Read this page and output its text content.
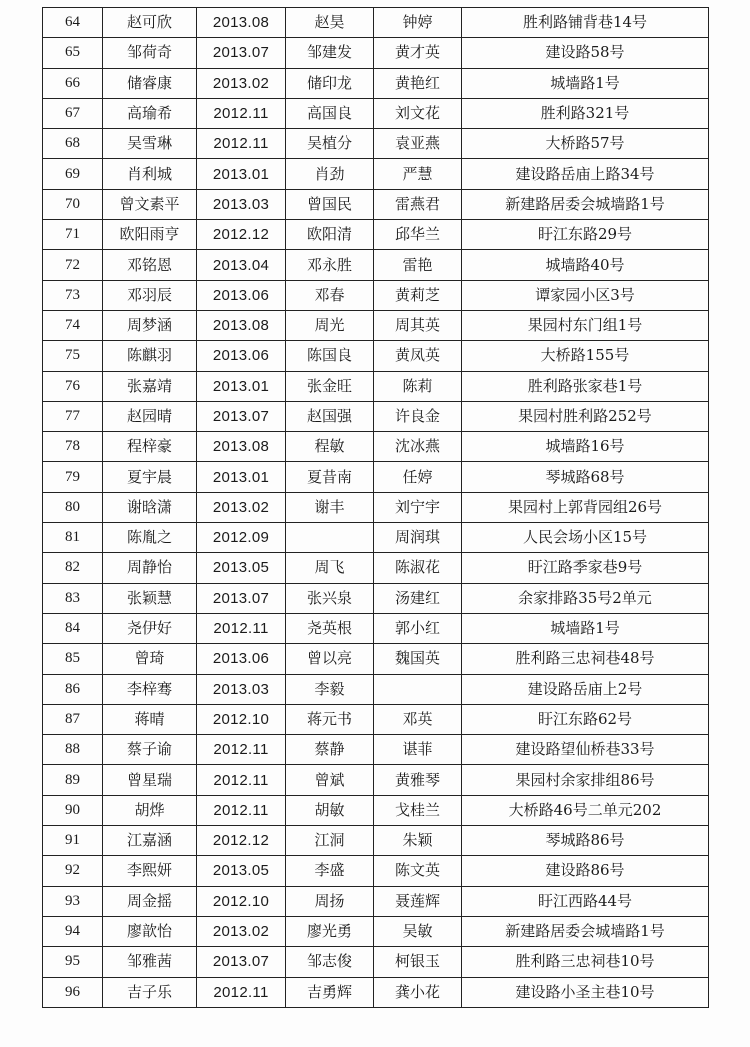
64	赵可欣	2013.08	赵昊	钟婷	胜利路铺背巷14号
65	邹荷奇	2013.07	邹建发	黄才英	建设路58号
66	储睿康	2013.02	储印龙	黄艳红	城墙路1号
67	高瑜希	2012.11	高国良	刘文花	胜利路321号
68	吴雪琳	2012.11	吴植分	袁亚燕	大桥路57号
69	肖利城	2013.01	肖劲	严慧	建设路岳庙上路34号
70	曾文素平	2013.03	曾国民	雷燕君	新建路居委会城墙路1号
71	欧阳雨亨	2012.12	欧阳清	邱华兰	盱江东路29号
72	邓铭恩	2013.04	邓永胜	雷艳	城墙路40号
73	邓羽辰	2013.06	邓春	黄莉芝	谭家园小区3号
74	周梦涵	2013.08	周光	周其英	果园村东门组1号
75	陈麒羽	2013.06	陈国良	黄凤英	大桥路155号
76	张嘉靖	2013.01	张金旺	陈莉	胜利路张家巷1号
77	赵园晴	2013.07	赵国强	许良金	果园村胜利路252号
78	程梓豪	2013.08	程敏	沈冰燕	城墙路16号
79	夏宇晨	2013.01	夏昔南	任婷	琴城路68号
80	谢晗潇	2013.02	谢丰	刘宁宇	果园村上郭背园组26号
81	陈胤之	2012.09		周润琪	人民会场小区15号
82	周静怡	2013.05	周飞	陈淑花	盱江路季家巷9号
83	张颖慧	2013.07	张兴泉	汤建红	余家排路35号2单元
84	尧伊好	2012.11	尧英根	郭小红	城墙路1号
85	曾琦	2013.06	曾以亮	魏国英	胜利路三忠祠巷48号
86	李梓骞	2013.03	李毅		建设路岳庙上2号
87	蒋晴	2012.10	蒋元书	邓英	盱江东路62号
88	蔡子谕	2012.11	蔡静	谌菲	建设路望仙桥巷33号
89	曾星瑞	2012.11	曾斌	黄雅琴	果园村余家排组86号
90	胡烨	2012.11	胡敏	戈桂兰	大桥路46号二单元202
91	江嘉涵	2012.12	江洞	朱颖	琴城路86号
92	李熙妍	2013.05	李盛	陈文英	建设路86号
93	周金摇	2012.10	周扬	聂莲辉	盱江西路44号
94	廖歆怡	2013.02	廖光勇	吴敏	新建路居委会城墙路1号
95	邹雅茜	2013.07	邹志俊	柯银玉	胜利路三忠祠巷10号
96	吉子乐	2012.11	吉勇辉	龚小花	建设路小圣主巷10号
